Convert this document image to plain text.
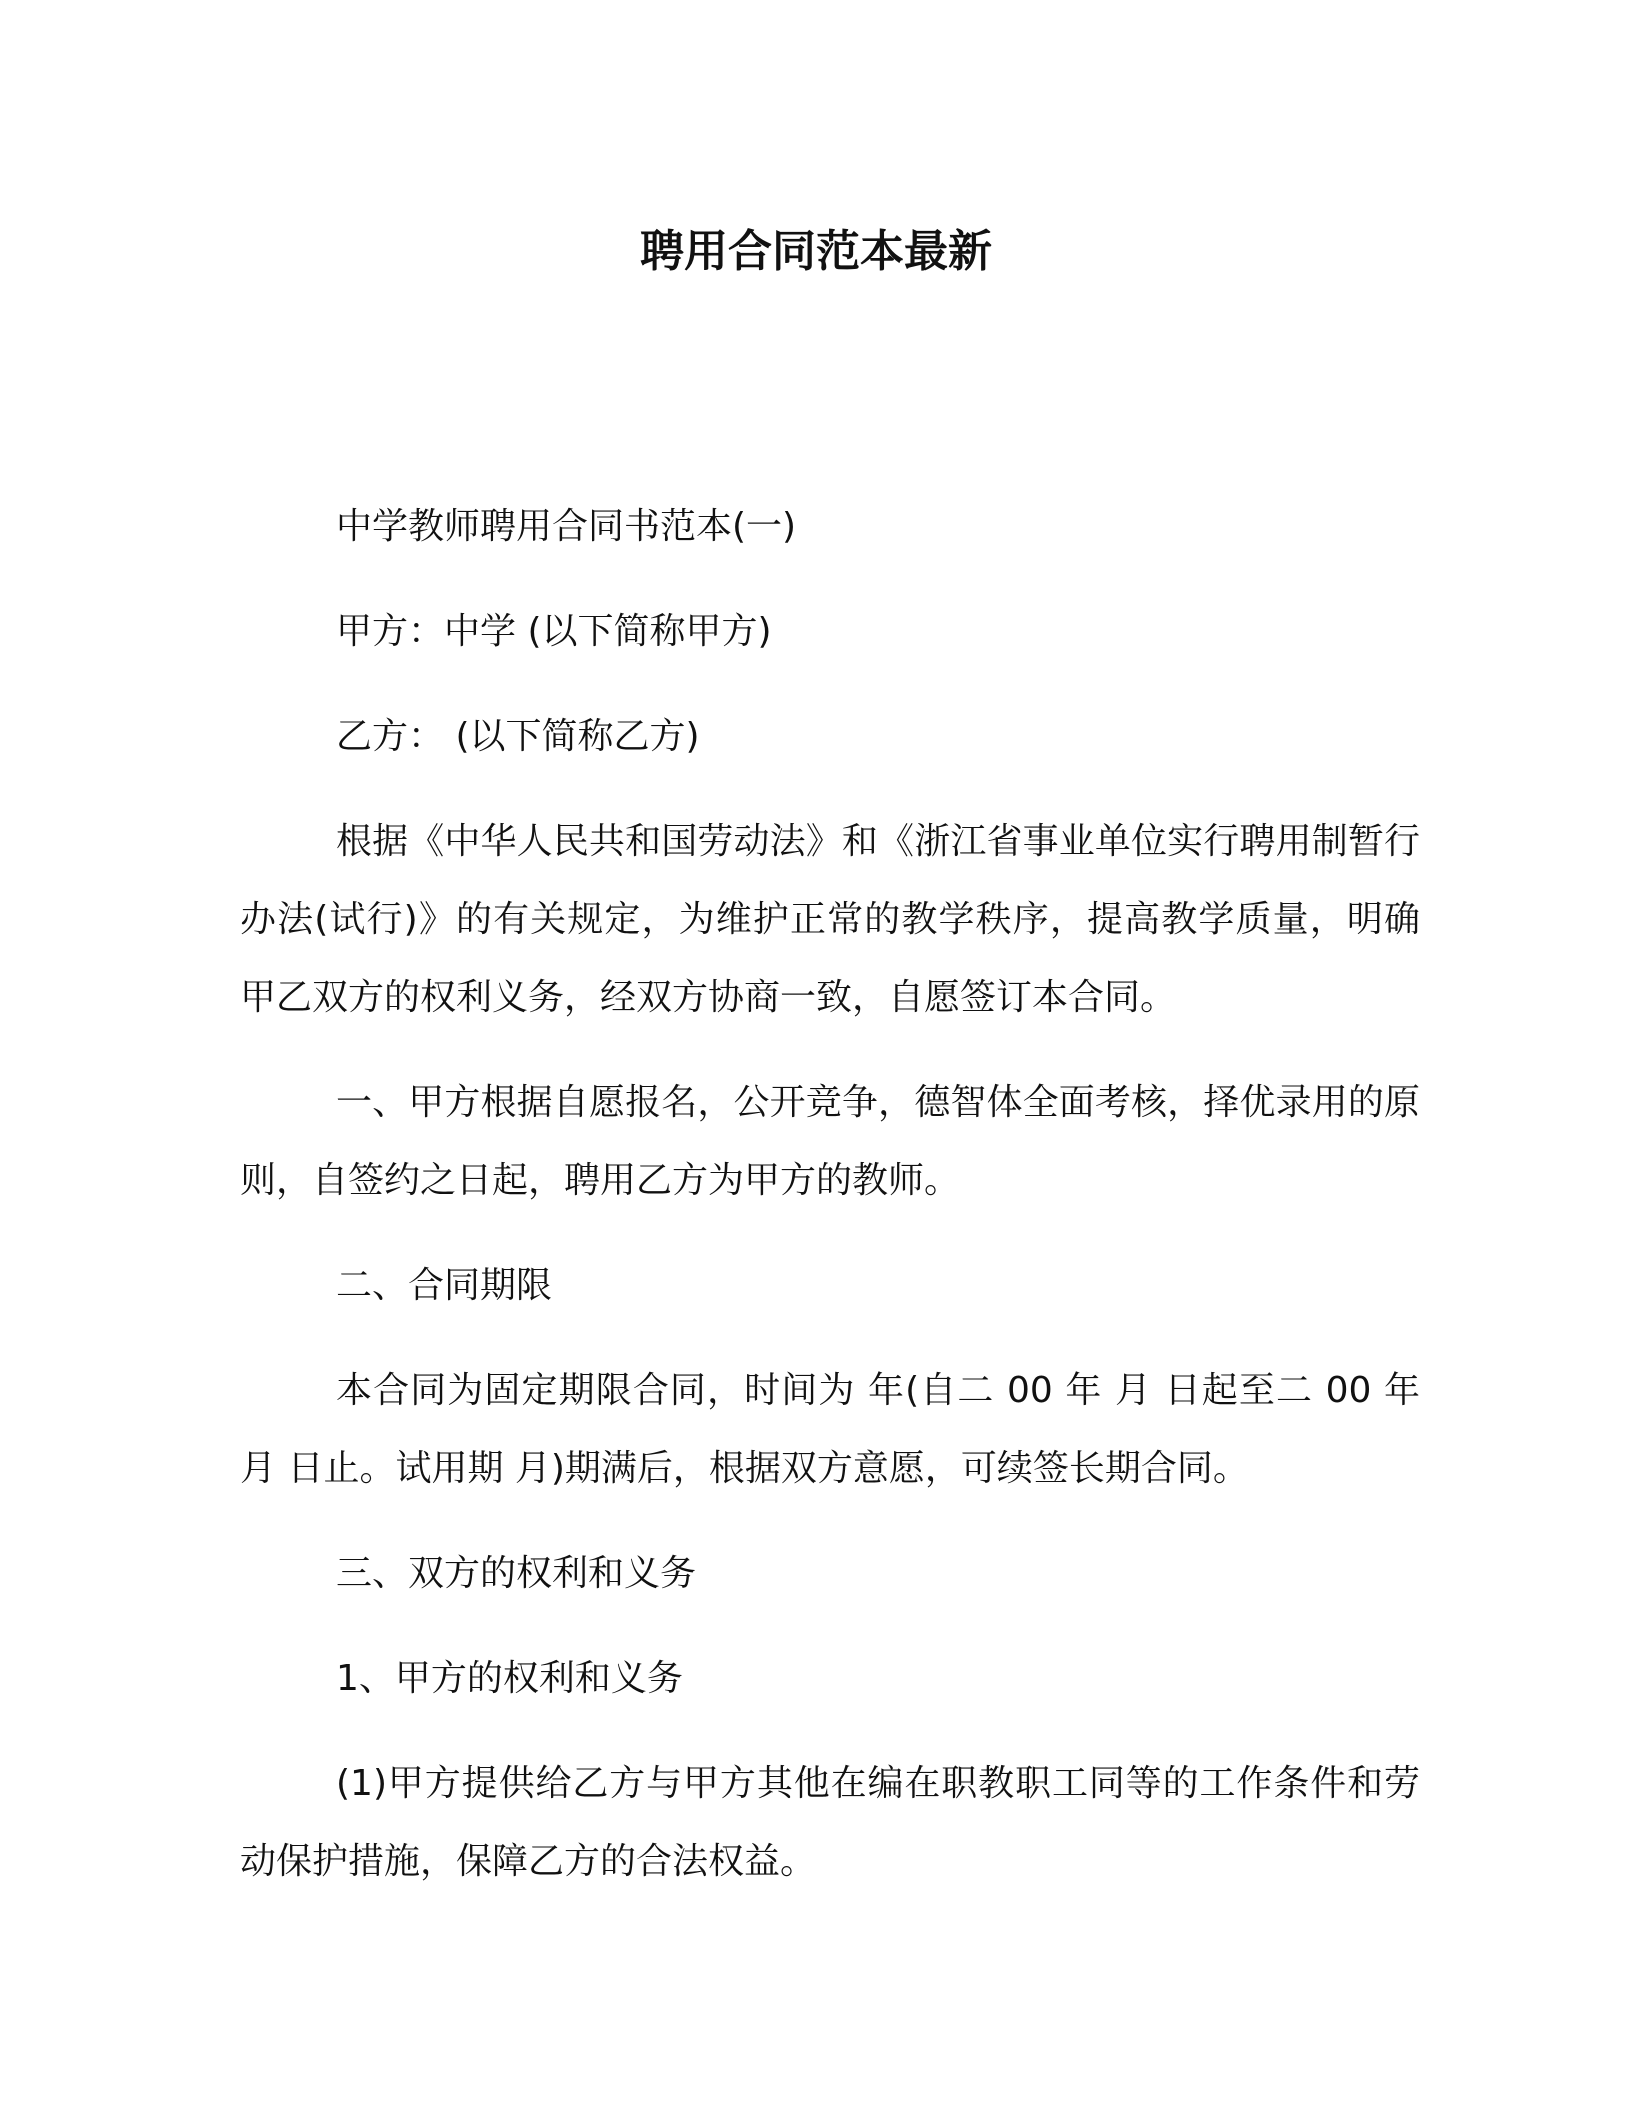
聘用合同范本最新

中学教师聘用合同书范本(一)

甲方：中学 (以下简称甲方)

乙方： (以下简称乙方)

根据《中华人民共和国劳动法》和《浙江省事业单位实行聘用制暂行办法(试行)》的有关规定，为维护正常的教学秩序，提高教学质量，明确甲乙双方的权利义务，经双方协商一致，自愿签订本合同。

一、甲方根据自愿报名，公开竞争，德智体全面考核，择优录用的原则，自签约之日起，聘用乙方为甲方的教师。

二、合同期限

本合同为固定期限合同，时间为 年(自二 00 年 月 日起至二 00 年 月 日止。试用期 月)期满后，根据双方意愿，可续签长期合同。

三、双方的权利和义务

1、甲方的权利和义务

(1)甲方提供给乙方与甲方其他在编在职教职工同等的工作条件和劳动保护措施，保障乙方的合法权益。
